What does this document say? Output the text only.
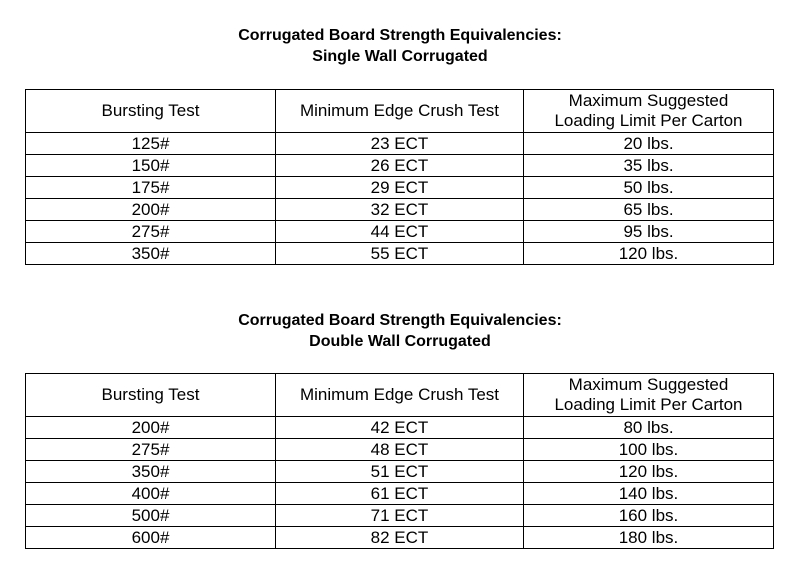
Corrugated Board Strength Equivalencies:
Single Wall Corrugated
Bursting Test	Minimum Edge Crush Test	Maximum Suggested
Loading Limit Per Carton

125#	23 ECT	20 lbs.
150#	26 ECT	35 lbs.
175#	29 ECT	50 lbs.
200#	32 ECT	65 lbs.
275#	44 ECT	95 lbs.
350#	55 ECT	120 lbs.
Corrugated Board Strength Equivalencies:
Double Wall Corrugated
Bursting Test	Minimum Edge Crush Test	Maximum Suggested
Loading Limit Per Carton

200#	42 ECT	80 lbs.
275#	48 ECT	100 lbs.
350#	51 ECT	120 lbs.
400#	61 ECT	140 lbs.
500#	71 ECT	160 lbs.
600#	82 ECT	180 lbs.
